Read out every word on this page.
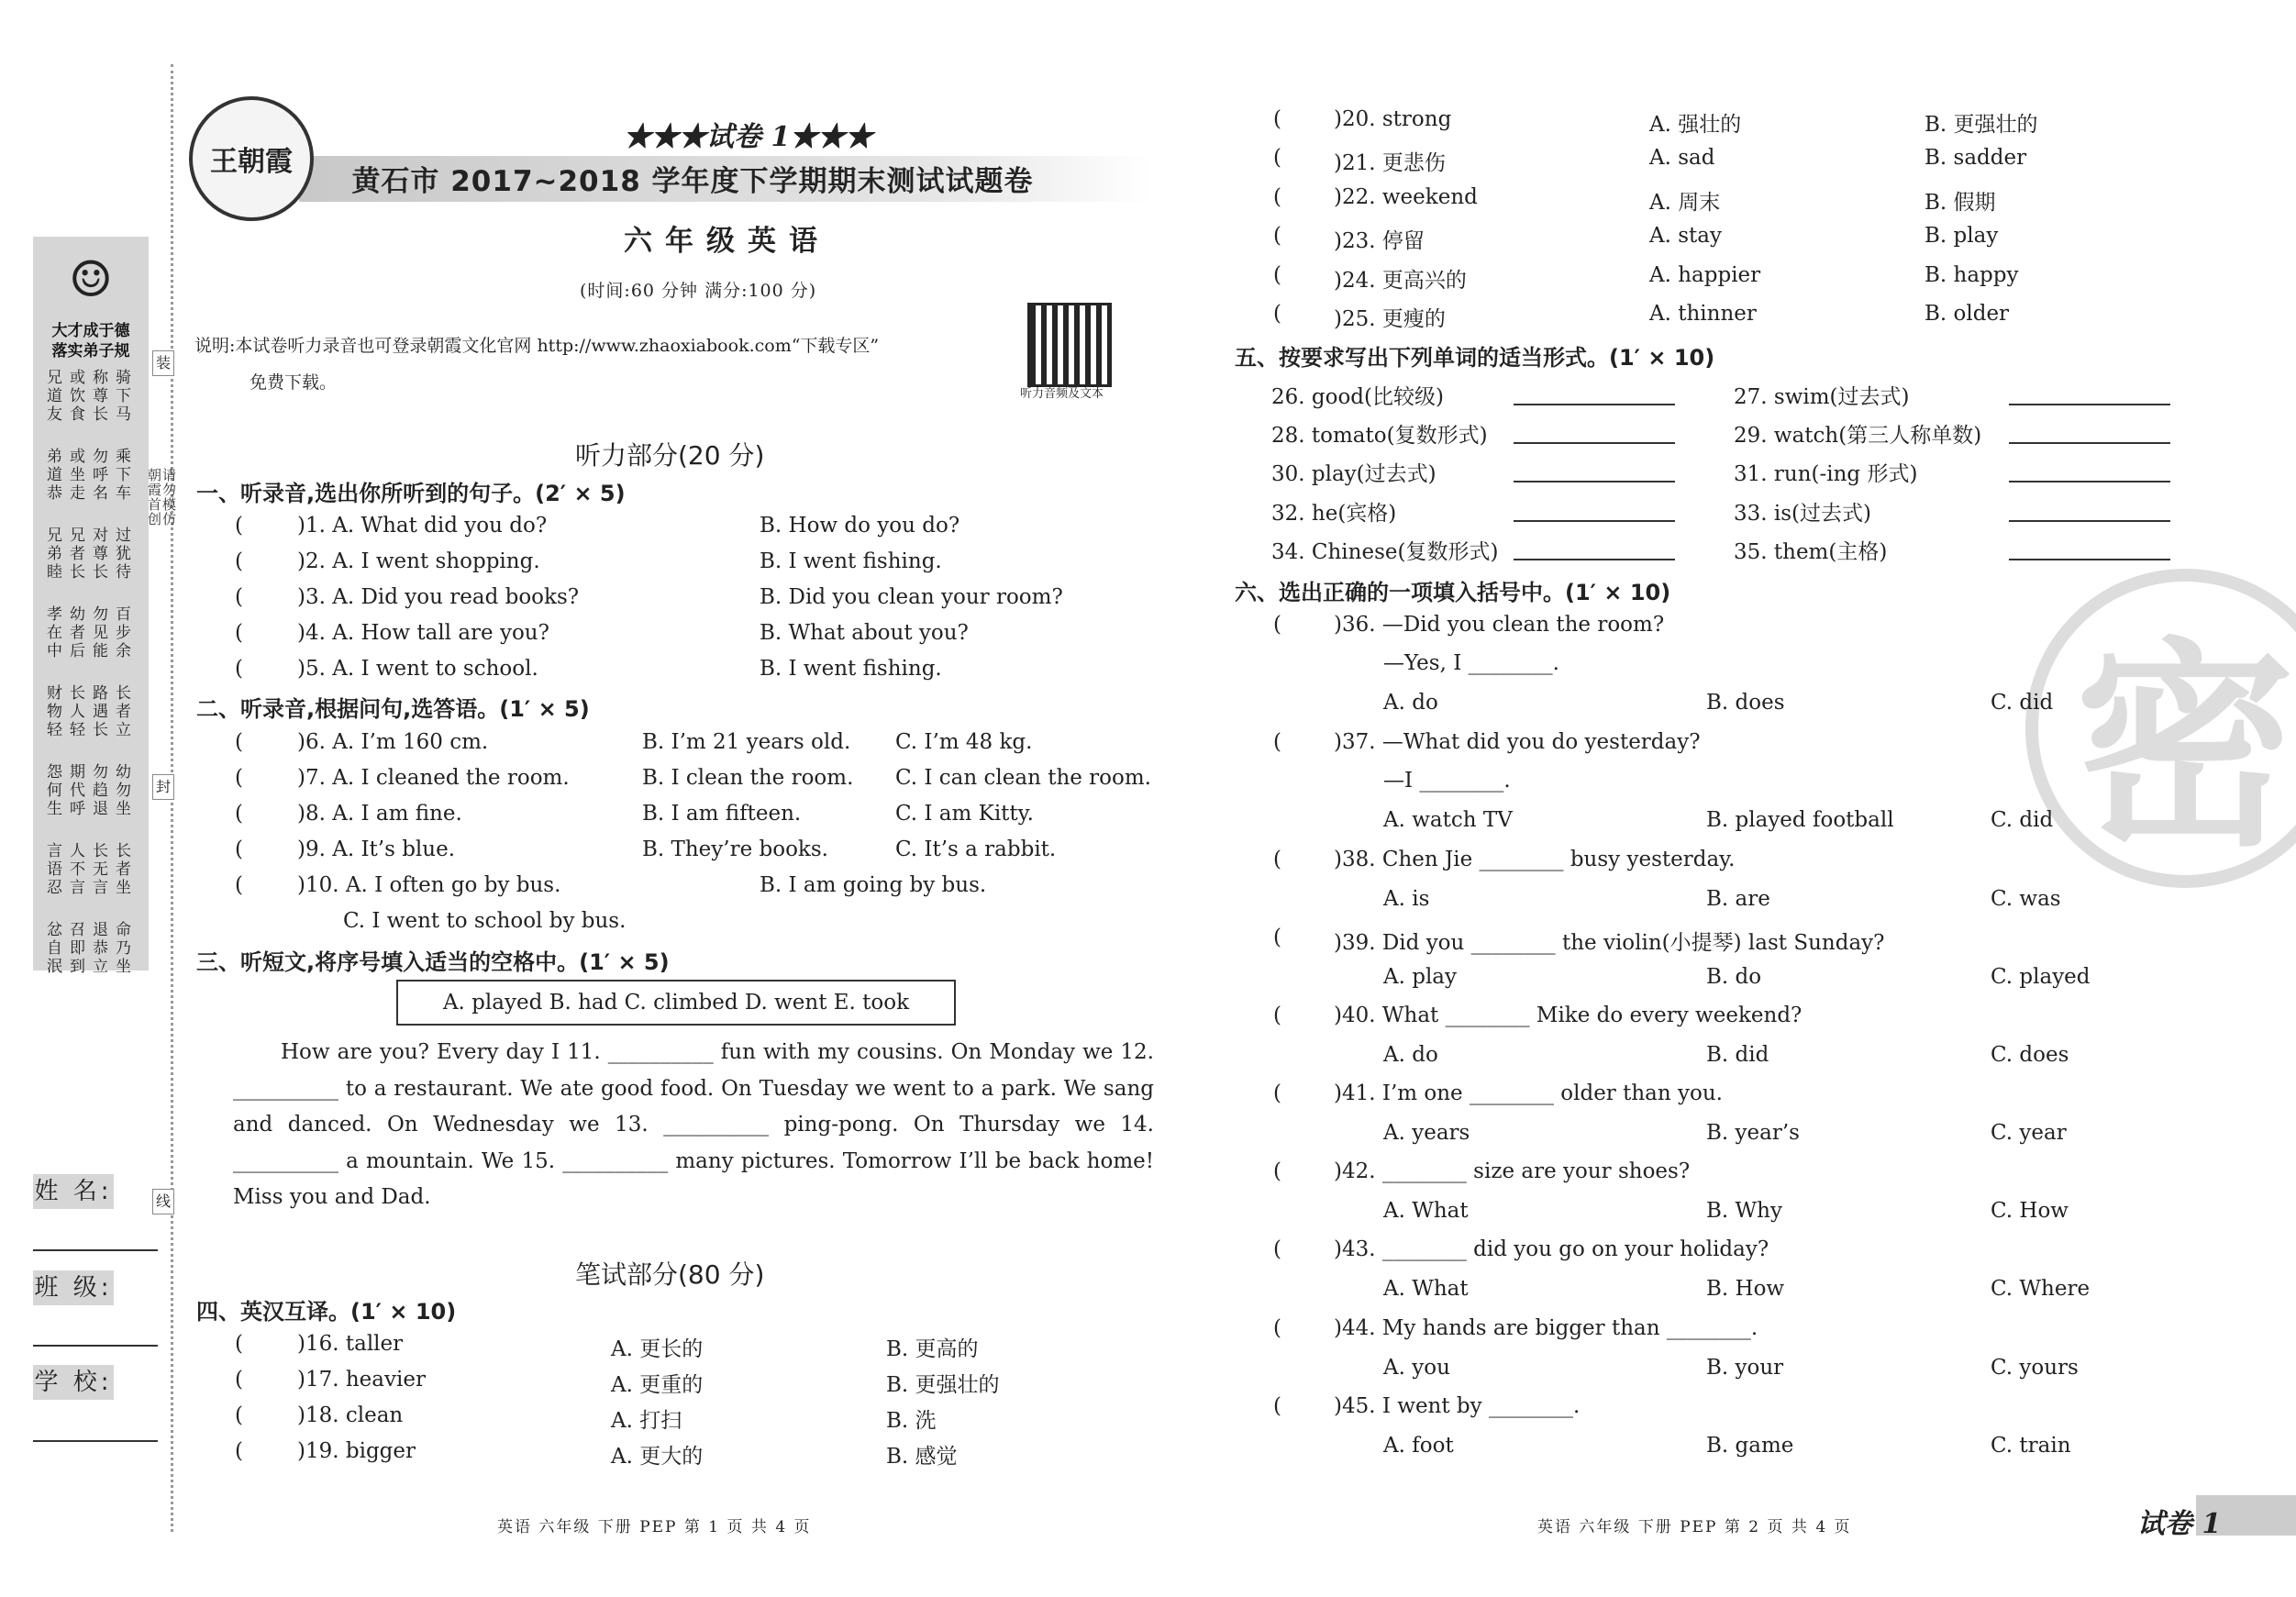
☺
大才成于德
落实弟子规
骑下马
称尊长
或饮食
兄道友
乘下车
勿呼名
或坐走
弟道恭
过犹待
对尊长
兄者长
兄弟睦
百步余
勿见能
幼者后
孝在中
长者立
路遇长
长人轻
财物轻
幼勿坐
勿趋退
期代呼
怨何生
长者坐
长无言
人不言
言语忍
命乃坐
退恭立
召即到
忿自泯
朝霞首创请勿模仿
装
封
线
姓 名:
班 级:
学 校:
王朝霞
★★★试卷 1★★★
黄石市 2017~2018 学年度下学期期末测试试题卷
六年级英语
(时间:60 分钟 满分:100 分)
说明:本试卷听力录音也可登录朝霞文化官网 http://www.zhaoxiabook.com“下载专区”
免费下载。
听力音频及文本
听力部分(20 分)
一、听录音,选出你所听到的句子。(2′ × 5)
(	)1. A. What did you do?	B. How do you do?
(	)2. A. I went shopping.	B. I went fishing.
(	)3. A. Did you read books?	B. Did you clean your room?
(	)4. A. How tall are you?	B. What about you?
(	)5. A. I went to school.	B. I went fishing.
二、听录音,根据问句,选答语。(1′ × 5)
(	)6. A. I’m 160 cm.	B. I’m 21 years old. C. I’m 48 kg.
(	)7. A. I cleaned the room.	B. I clean the room. C. I can clean the room.
(	)8. A. I am fine.	B. I am fifteen.	C. I am Kitty.
(	)9. A. It’s blue.	B. They’re books.	C. It’s a rabbit.
(	)10. A. I often go by bus.	B. I am going by bus.
C. I went to school by bus.
三、听短文,将序号填入适当的空格中。(1′ × 5)
A. played B. had C. climbed D. went E. took
How are you? Every day I 11. __________ fun with my cousins. On Monday we 12. __________ to a restaurant. We ate good food. On Tuesday we went to a park. We sang and danced. On Wednesday we 13. __________ ping-pong. On Thursday we 14. __________ a mountain. We 15. __________ many pictures. Tomorrow I’ll be back home! Miss you and Dad.
笔试部分(80 分)
四、英汉互译。(1′ × 10)
(	)16. taller	A. 更长的	B. 更高的
(	)17. heavier	A. 更重的	B. 更强壮的
(	)18. clean	A. 打扫	B. 洗
(	)19. bigger	A. 更大的	B. 感觉
英语 六年级 下册 PEP 第 1 页 共 4 页
密
( )20. strong	A. 强壮的	B. 更强壮的
( )21. 更悲伤	A. sad	B. sadder
( )22. weekend	A. 周末	B. 假期
( )23. 停留	A. stay	B. play
( )24. 更高兴的	A. happier	B. happy
( )25. 更瘦的	A. thinner	B. older
五、按要求写出下列单词的适当形式。(1′ × 10)
26. good(比较级)	27. swim(过去式)
28. tomato(复数形式)	29. watch(第三人称单数)
30. play(过去式)	31. run(-ing 形式)
32. he(宾格)	33. is(过去式)
34. Chinese(复数形式)	35. them(主格)
六、选出正确的一项填入括号中。(1′ × 10)
( )36. —Did you clean the room?
—Yes, I ________.
A. do	B. does	C. did
( )37. —What did you do yesterday?
—I ________.
A. watch TV	B. played football	C. did
( )38. Chen Jie ________ busy yesterday.
A. is	B. are	C. was
( )39. Did you ________ the violin(小提琴) last Sunday?
A. play	B. do	C. played
( )40. What ________ Mike do every weekend?
A. do	B. did	C. does
( )41. I’m one ________ older than you.
A. years	B. year’s	C. year
( )42. ________ size are your shoes?
A. What	B. Why	C. How
( )43. ________ did you go on your holiday?
A. What	B. How	C. Where
( )44. My hands are bigger than ________.
A. you	B. your	C. yours
( )45. I went by ________.
A. foot	B. game	C. train
英语 六年级 下册 PEP 第 2 页 共 4 页	试卷 1
